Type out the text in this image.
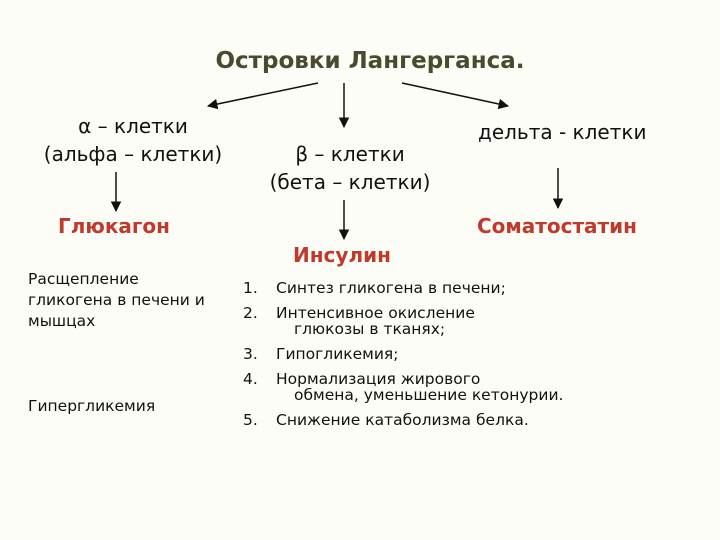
Островки Лангерганса.
α – клетки
(альфа – клетки)	β – клетки
(бета – клетки)
дельта - клетки
Глюкагон
Инсулин
Соматостатин
Расщепление
гликогена в печени и
мышцах
Гипергликемия
1. Синтез гликогена в печени;
2. Интенсивное окисление
глюкозы в тканях;
3. Гипогликемия;
4. Нормализация жирового
обмена, уменьшение кетонурии.
5. Снижение катаболизма белка.
